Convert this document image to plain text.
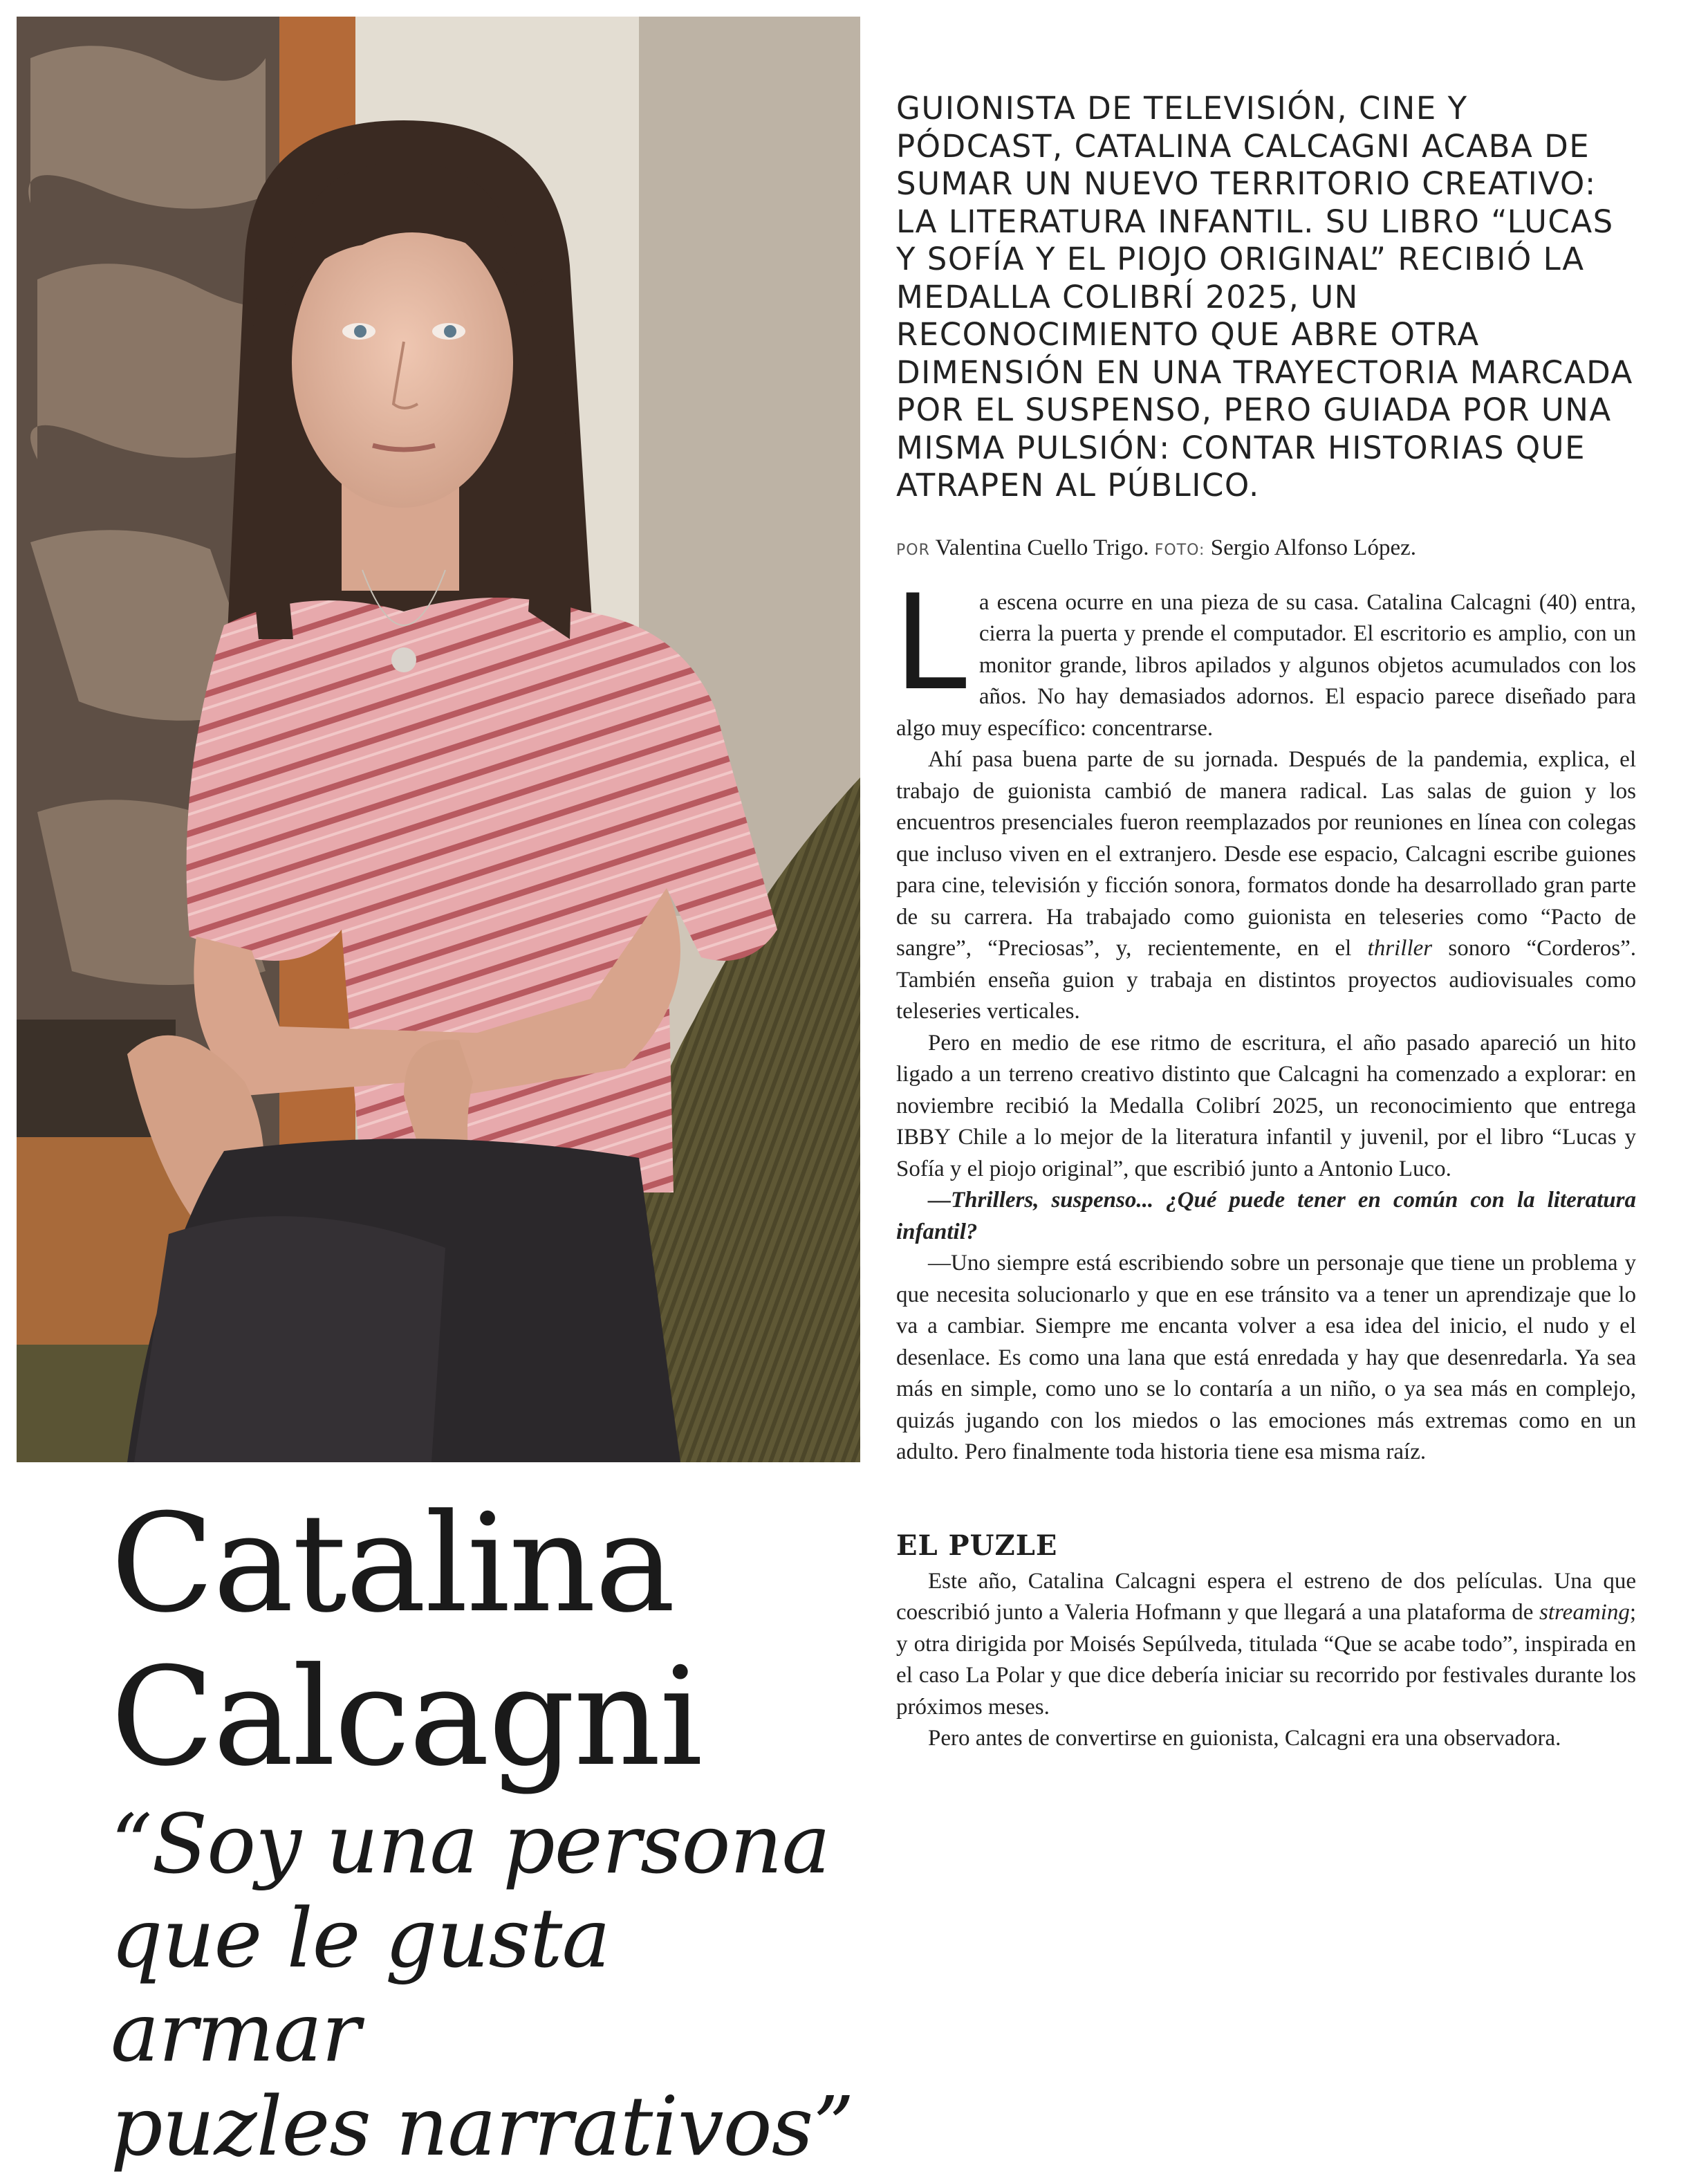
Catalina
Calcagni
“Soy una persona
que le gusta armar
puzles narrativos”

GUIONISTA DE TELEVISIÓN, CINE Y PÓDCAST, CATALINA CALCAGNI ACABA DE SUMAR UN NUEVO TERRITORIO CREATIVO: LA LITERATURA INFANTIL. SU LIBRO “LUCAS Y SOFÍA Y EL PIOJO ORIGINAL” RECIBIÓ LA MEDALLA COLIBRÍ 2025, UN RECONOCIMIENTO QUE ABRE OTRA DIMENSIÓN EN UNA TRAYECTORIA MARCADA POR EL SUSPENSO, PERO GUIADA POR UNA MISMA PULSIÓN: CONTAR HISTORIAS QUE ATRAPEN AL PÚBLICO.

POR Valentina Cuello Trigo. FOTO: Sergio Alfonso López.

La escena ocurre en una pieza de su casa. Catalina Calcagni (40) entra, cierra la puerta y prende el computador. El escritorio es amplio, con un monitor grande, libros apilados y algunos objetos acumulados con los años. No hay demasiados adornos. El espacio parece diseñado para algo muy específico: concentrarse.

Ahí pasa buena parte de su jornada. Después de la pandemia, explica, el trabajo de guionista cambió de manera radical. Las salas de guion y los encuentros presenciales fueron reemplazados por reuniones en línea con colegas que incluso viven en el extranjero. Desde ese espacio, Calcagni escribe guiones para cine, televisión y ficción sonora, formatos donde ha desarrollado gran parte de su carrera. Ha trabajado como guionista en teleseries como “Pacto de sangre”, “Preciosas”, y, recientemente, en el thriller sonoro “Corderos”. También enseña guion y trabaja en distintos proyectos audiovisuales como teleseries verticales.

Pero en medio de ese ritmo de escritura, el año pasado apareció un hito ligado a un terreno creativo distinto que Calcagni ha comenzado a explorar: en noviembre recibió la Medalla Colibrí 2025, un reconocimiento que entrega IBBY Chile a lo mejor de la literatura infantil y juvenil, por el libro “Lucas y Sofía y el piojo original”, que escribió junto a Antonio Luco.

—Thrillers, suspenso... ¿Qué puede tener en común con la literatura infantil?

—Uno siempre está escribiendo sobre un personaje que tiene un problema y que necesita solucionarlo y que en ese tránsito va a tener un aprendizaje que lo va a cambiar. Siempre me encanta volver a esa idea del inicio, el nudo y el desenlace. Es como una lana que está enredada y hay que desenredarla. Ya sea más en simple, como uno se lo contaría a un niño, o ya sea más en complejo, quizás jugando con los miedos o las emociones más extremas como en un adulto. Pero finalmente toda historia tiene esa misma raíz.

EL PUZLE

Este año, Catalina Calcagni espera el estreno de dos películas. Una que coescribió junto a Valeria Hofmann y que llegará a una plataforma de streaming; y otra dirigida por Moisés Sepúlveda, titulada “Que se acabe todo”, inspirada en el caso La Polar y que dice debería iniciar su recorrido por festivales durante los próximos meses.

Pero antes de convertirse en guionista, Calcagni era una observadora.
